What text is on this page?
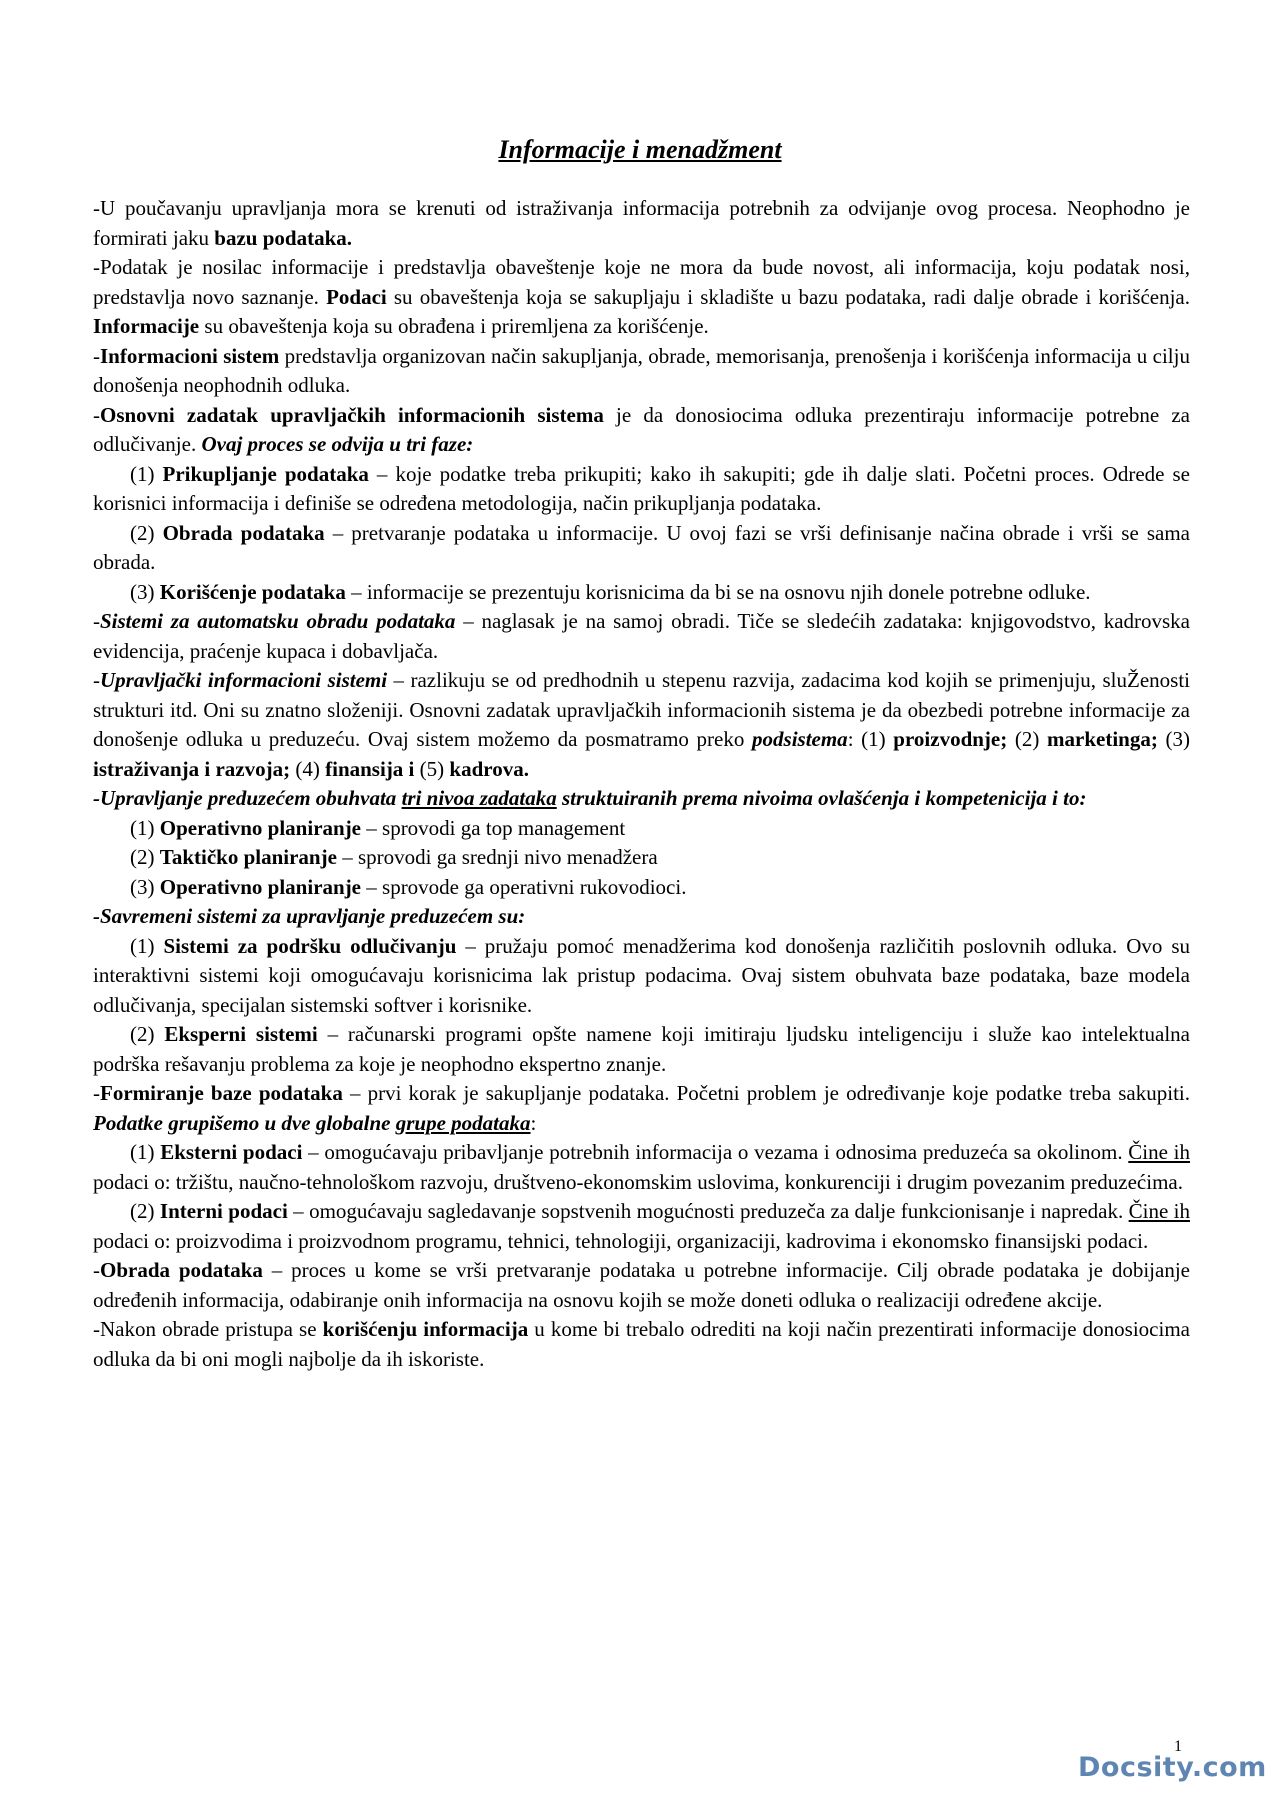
Informacije i menadžment

-U poučavanju upravljanja mora se krenuti od istraživanja informacija potrebnih za odvijanje ovog procesa. Neophodno je formirati jaku bazu podataka.

-Podatak je nosilac informacije i predstavlja obaveštenje koje ne mora da bude novost, ali informacija, koju podatak nosi, predstavlja novo saznanje. Podaci su obaveštenja koja se sakupljaju i skladište u bazu podataka, radi dalje obrade i korišćenja. Informacije su obaveštenja koja su obrađena i priremljena za korišćenje.

-Informacioni sistem predstavlja organizovan način sakupljanja, obrade, memorisanja, prenošenja i korišćenja informacija u cilju donošenja neophodnih odluka.

-Osnovni zadatak upravljačkih informacionih sistema je da donosiocima odluka prezentiraju informacije potrebne za odlučivanje. Ovaj proces se odvija u tri faze:

(1) Prikupljanje podataka – koje podatke treba prikupiti; kako ih sakupiti; gde ih dalje slati. Početni proces. Odrede se korisnici informacija i definiše se određena metodologija, način prikupljanja podataka.

(2) Obrada podataka – pretvaranje podataka u informacije. U ovoj fazi se vrši definisanje načina obrade i vrši se sama obrada.

(3) Korišćenje podataka – informacije se prezentuju korisnicima da bi se na osnovu njih donele potrebne odluke.

-Sistemi za automatsku obradu podataka – naglasak je na samoj obradi. Tiče se sledećih zadataka: knjigovodstvo, kadrovska evidencija, praćenje kupaca i dobavljača.

-Upravljački informacioni sistemi – razlikuju se od predhodnih u stepenu razvija, zadacima kod kojih se primenjuju, sluŽenosti strukturi itd. Oni su znatno složeniji. Osnovni zadatak upravljačkih informacionih sistema je da obezbedi potrebne informacije za donošenje odluka u preduzeću. Ovaj sistem možemo da posmatramo preko podsistema: (1) proizvodnje; (2) marketinga; (3) istraživanja i razvoja; (4) finansija i (5) kadrova.

-Upravljanje preduzećem obuhvata tri nivoa zadataka struktuiranih prema nivoima ovlašćenja i kompetenicija i to:

(1) Operativno planiranje – sprovodi ga top management

(2) Taktičko planiranje – sprovodi ga srednji nivo menadžera

(3) Operativno planiranje – sprovode ga operativni rukovodioci.

-Savremeni sistemi za upravljanje preduzećem su:

(1) Sistemi za podršku odlučivanju – pružaju pomoć menadžerima kod donošenja različitih poslovnih odluka. Ovo su interaktivni sistemi koji omogućavaju korisnicima lak pristup podacima. Ovaj sistem obuhvata baze podataka, baze modela odlučivanja, specijalan sistemski softver i korisnike.

(2) Eksperni sistemi – računarski programi opšte namene koji imitiraju ljudsku inteligenciju i služe kao intelektualna podrška rešavanju problema za koje je neophodno ekspertno znanje.

-Formiranje baze podataka – prvi korak je sakupljanje podataka. Početni problem je određivanje koje podatke treba sakupiti. Podatke grupišemo u dve globalne grupe podataka:

(1) Eksterni podaci – omogućavaju pribavljanje potrebnih informacija o vezama i odnosima preduzeća sa okolinom. Čine ih podaci o: tržištu, naučno-tehnološkom razvoju, društveno-ekonomskim uslovima, konkurenciji i drugim povezanim preduzećima.

(2) Interni podaci – omogućavaju sagledavanje sopstvenih mogućnosti preduzeča za dalje funkcionisanje i napredak. Čine ih podaci o: proizvodima i proizvodnom programu, tehnici, tehnologiji, organizaciji, kadrovima i ekonomsko finansijski podaci.

-Obrada podataka – proces u kome se vrši pretvaranje podataka u potrebne informacije. Cilj obrade podataka je dobijanje određenih informacija, odabiranje onih informacija na osnovu kojih se može doneti odluka o realizaciji određene akcije.

-Nakon obrade pristupa se korišćenju informacija u kome bi trebalo odrediti na koji način prezentirati informacije donosiocima odluka da bi oni mogli najbolje da ih iskoriste.

1
Docsity.com
